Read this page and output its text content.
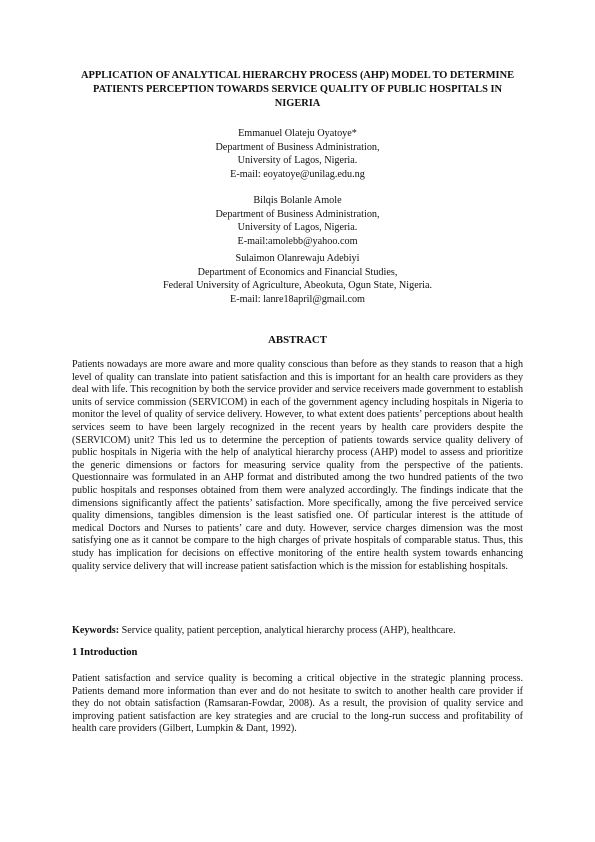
APPLICATION OF ANALYTICAL HIERARCHY PROCESS (AHP) MODEL TO DETERMINE PATIENTS PERCEPTION TOWARDS SERVICE QUALITY OF PUBLIC HOSPITALS IN NIGERIA
Emmanuel Olateju Oyatoye*
Department of Business Administration,
University of Lagos, Nigeria.
E-mail: eoyatoye@unilag.edu.ng
Bilqis Bolanle Amole
Department of Business Administration,
University of Lagos, Nigeria.
E-mail:amolebb@yahoo.com
Sulaimon Olanrewaju Adebiyi
Department of Economics and Financial Studies,
Federal University of Agriculture, Abeokuta, Ogun State, Nigeria.
E-mail: lanre18april@gmail.com
ABSTRACT
Patients nowadays are more aware and more quality conscious than before as they stands to reason that a high level of quality can translate into patient satisfaction and this is important for an health care providers as they deal with life. This recognition by both the service provider and service receivers made government to establish units of service commission (SERVICOM) in each of the government agency including hospitals in Nigeria to monitor the level of quality of service delivery. However, to what extent does patients’ perceptions about health services seem to have been largely recognized in the recent years by health care providers despite the (SERVICOM) unit? This led us to determine the perception of patients towards service quality delivery of public hospitals in Nigeria with the help of analytical hierarchy process (AHP) model to assess and prioritize the generic dimensions or factors for measuring service quality from the perspective of the patients. Questionnaire was formulated in an AHP format and distributed among the two hundred patients of the two public hospitals and responses obtained from them were analyzed accordingly. The findings indicate that the dimensions significantly affect the patients’ satisfaction. More specifically, among the five perceived service quality dimensions, tangibles dimension is the least satisfied one. Of particular interest is the attitude of medical Doctors and Nurses to patients’ care and duty. However, service charges dimension was the most satisfying one as it cannot be compare to the high charges of private hospitals of comparable status. Thus, this study has implication for decisions on effective monitoring of the entire health system towards enhancing quality service delivery that will increase patient satisfaction which is the mission for establishing hospitals.
Keywords: Service quality, patient perception, analytical hierarchy process (AHP), healthcare.
1 Introduction
Patient satisfaction and service quality is becoming a critical objective in the strategic planning process. Patients demand more information than ever and do not hesitate to switch to another health care provider if they do not obtain satisfaction (Ramsaran-Fowdar, 2008). As a result, the provision of quality service and improving patient satisfaction are key strategies and are crucial to the long-run success and profitability of health care providers (Gilbert, Lumpkin & Dant, 1992).
